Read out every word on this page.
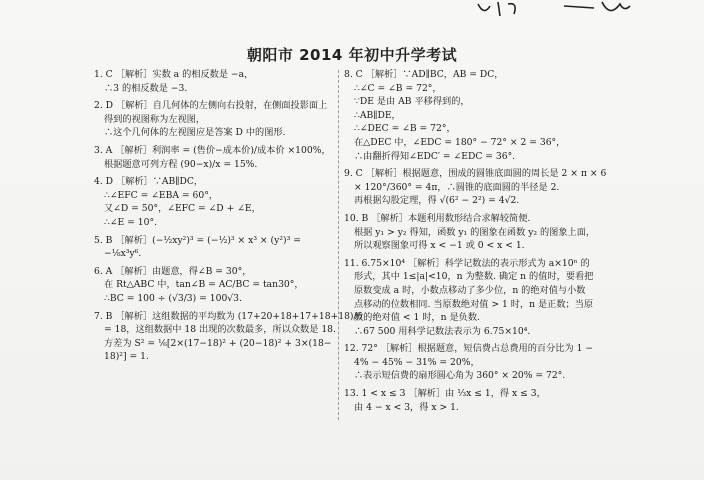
朝阳市 2014 年初中升学考试
1. C ［解析］实数 a 的相反数是 −a，
∴3 的相反数是 −3.
2. D ［解析］自几何体的左侧向右投射，在侧面投影面上
得到的视图称为左视图，
∴这个几何体的左视图应是答案 D 中的图形.
3. A ［解析］利润率 = (售价−成本价)/成本价 ×100%，
根据题意可列方程 (90−x)/x = 15%.
4. D ［解析］∵AB∥DC，
∴∠EFC = ∠EBA = 60°，
又∠D = 50°，∠EFC = ∠D + ∠E，
∴∠E = 10°.
5. B ［解析］(−½xy²)³ = (−½)³ × x³ × (y²)³ =
−⅛x³y⁶.
6. A ［解析］由题意，得∠B = 30°，
在 Rt△ABC 中，tan∠B = AC/BC = tan30°，
∴BC = 100 ÷ (√3/3) = 100√3.
7. B ［解析］这组数据的平均数为 (17+20+18+17+18+18)/6
= 18，这组数据中 18 出现的次数最多，所以众数是 18.
方差为 S² = ⅙[2×(17−18)² + (20−18)² + 3×(18−
18)²] = 1.
8. C ［解析］∵AD∥BC，AB = DC，
∴∠C = ∠B = 72°，
∵DE 是由 AB 平移得到的，
∴AB∥DE，
∴∠DEC = ∠B = 72°，
在△DEC 中，∠EDC = 180° − 72° × 2 = 36°，
∴由翻折得知∠EDC′ = ∠EDC = 36°.
9. C ［解析］根据题意，围成的圆锥底面圆的周长是 2 × π × 6
× 120°/360° = 4π，∴圆锥的底面圆的半径是 2.
再根据勾股定理，得 √(6² − 2²) = 4√2.
10. B ［解析］本题利用数形结合求解较简便.
根据 y₁ > y₂ 得知，函数 y₁ 的图象在函数 y₂ 的图象上面，
所以观察图象可得 x < −1 或 0 < x < 1.
11. 6.75×10⁴ ［解析］科学记数法的表示形式为 a×10ⁿ 的
形式，其中 1≤|a|<10，n 为整数. 确定 n 的值时，要看把
原数变成 a 时，小数点移动了多少位，n 的绝对值与小数
点移动的位数相同. 当原数绝对值 > 1 时，n 是正数；当原
数的绝对值 < 1 时，n 是负数.
∴67 500 用科学记数法表示为 6.75×10⁴.
12. 72° ［解析］根据题意，短信费占总费用的百分比为 1 −
4% − 45% − 31% = 20%，
∴表示短信费的扇形圆心角为 360° × 20% = 72°.
13. 1 < x ≤ 3 ［解析］由 ⅓x ≤ 1，得 x ≤ 3，
由 4 − x < 3，得 x > 1.
